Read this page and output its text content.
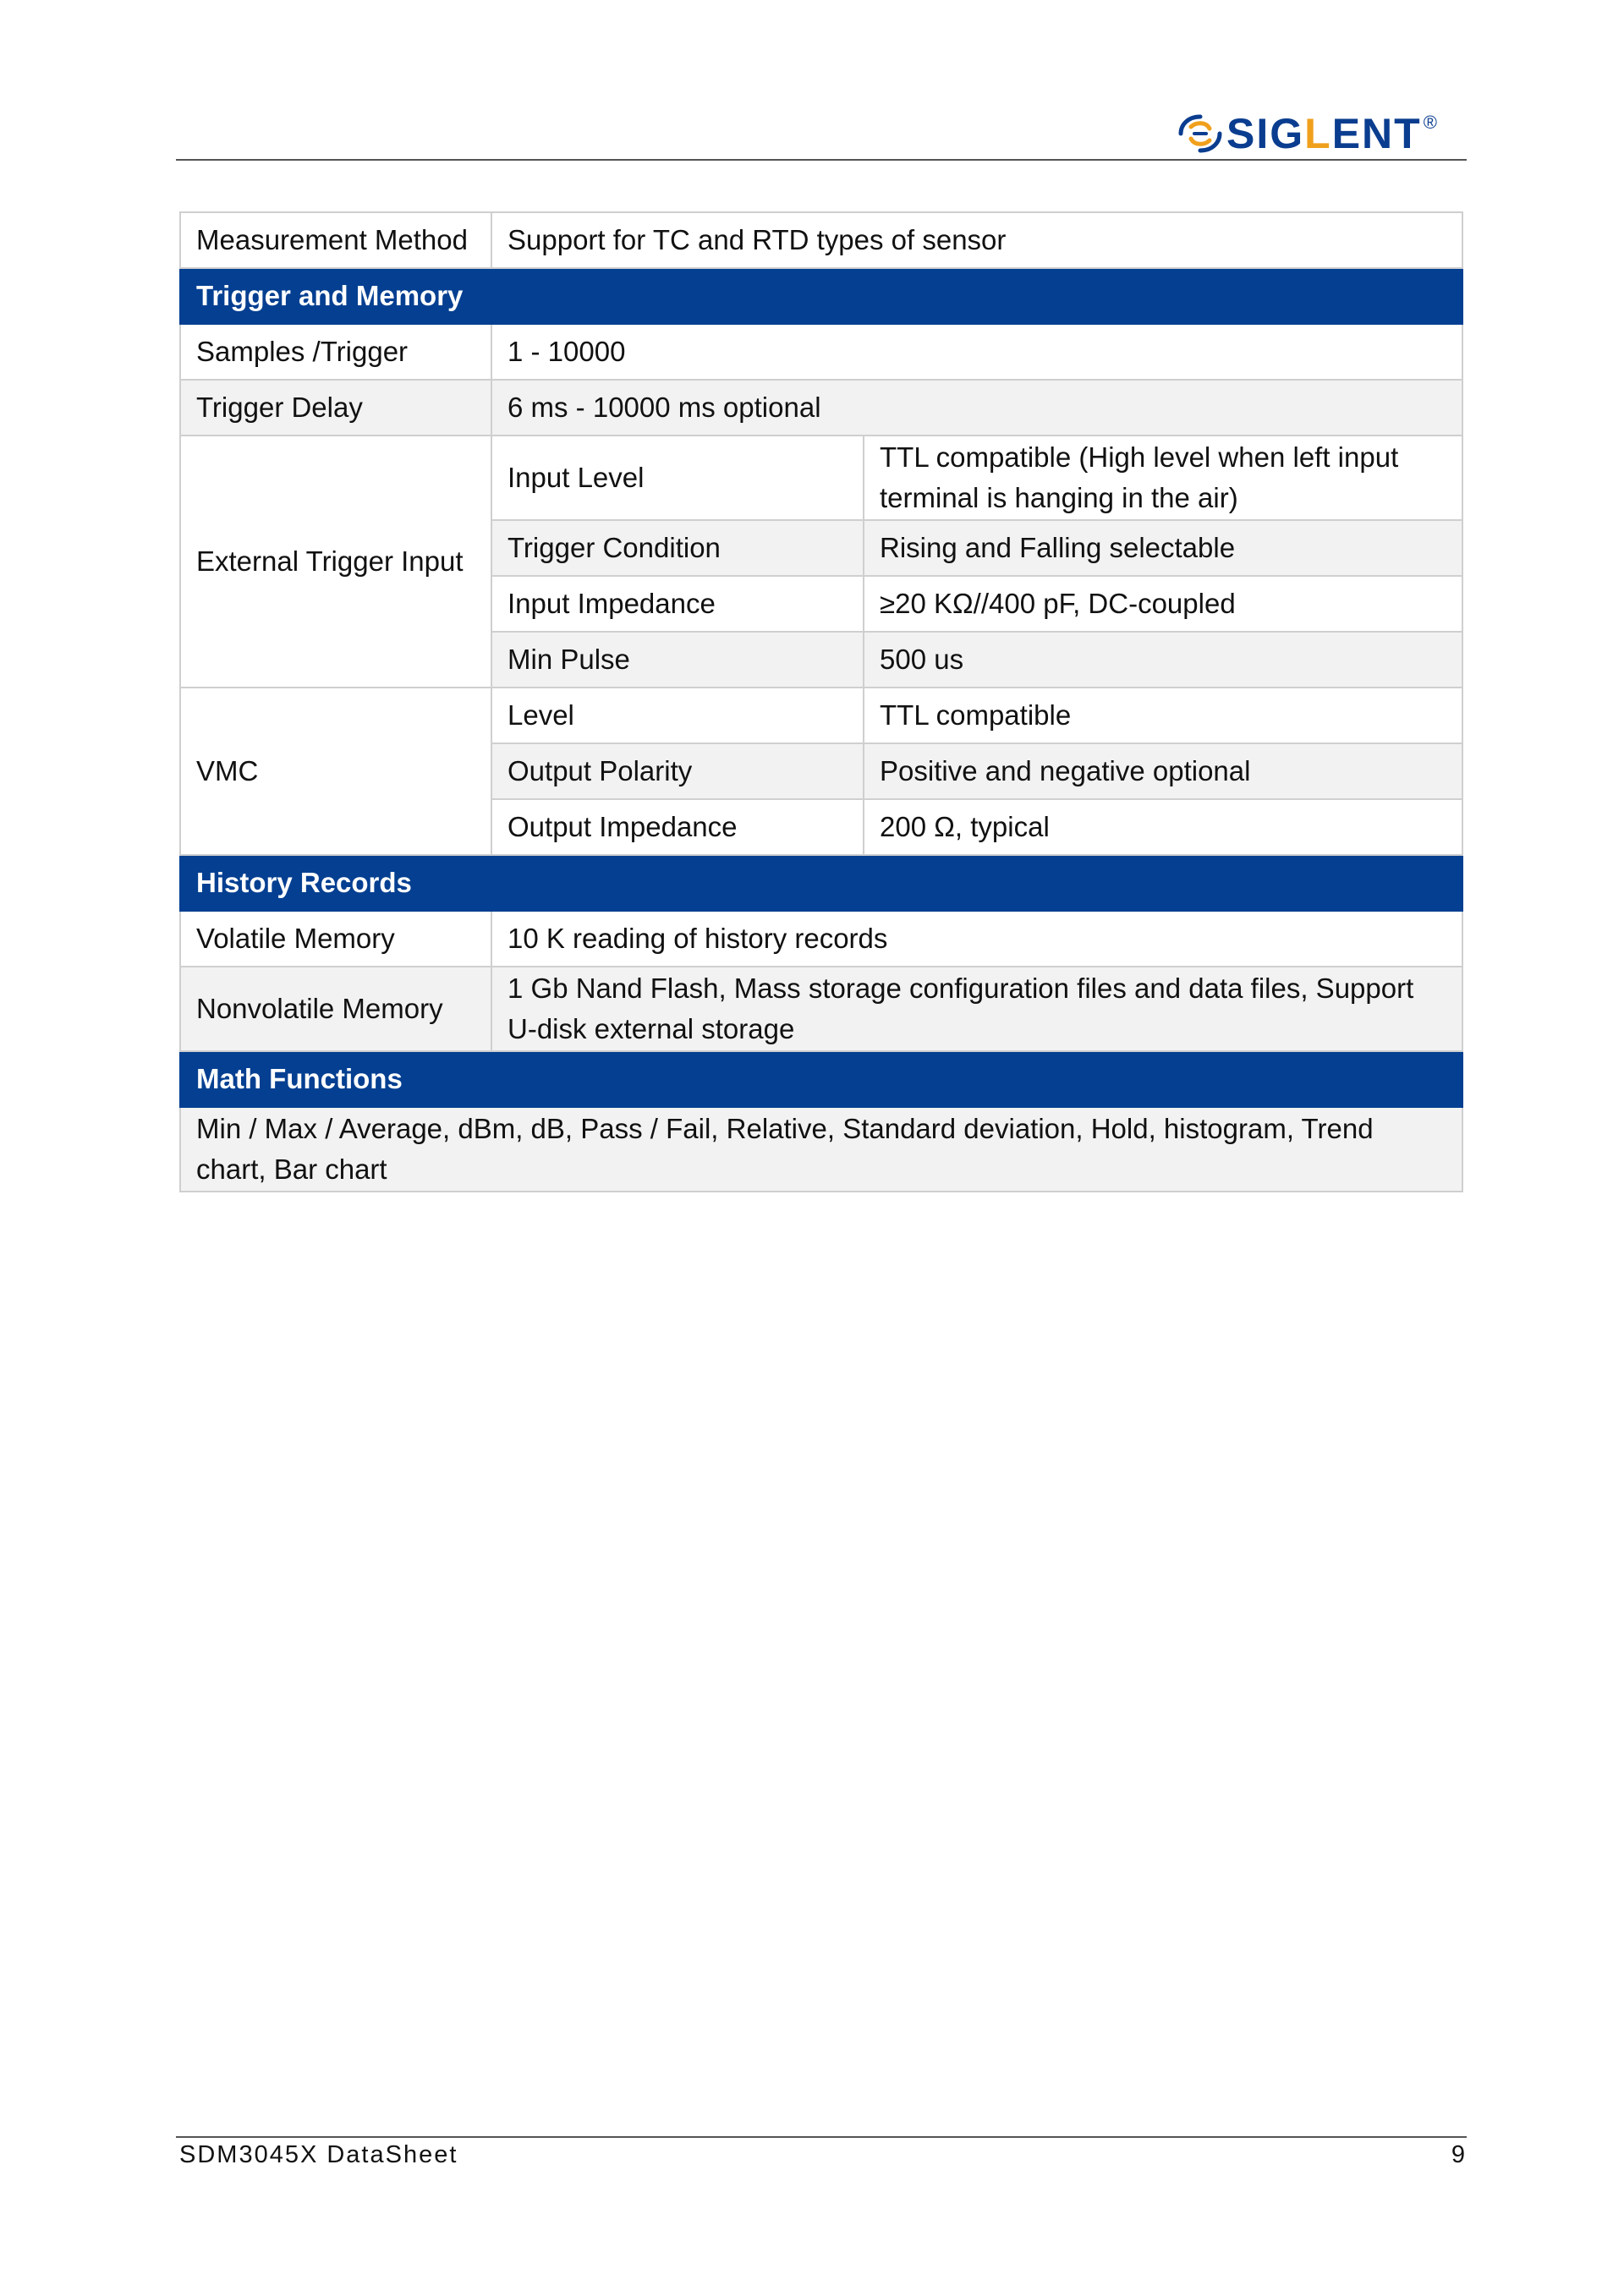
SIGLENT ®
Measurement Method	Support for TC and RTD types of sensor	
Trigger and Memory		
Samples /Trigger	1 - 10000	
Trigger Delay	6 ms - 10000 ms optional	
External Trigger Input	Input Level	TTL compatible (High level when left input terminal is hanging in the air)
	Trigger Condition	Rising and Falling selectable
	Input Impedance	≥20 KΩ//400 pF, DC-coupled
	Min Pulse	500 us
VMC	Level	TTL compatible
	Output Polarity	Positive and negative optional
	Output Impedance	200 Ω, typical
History Records		
Volatile Memory	10 K reading of history records	
Nonvolatile Memory	1 Gb Nand Flash, Mass storage configuration files and data files, Support U-disk external storage	
Math Functions		
Min / Max / Average, dBm, dB, Pass / Fail, Relative, Standard deviation, Hold, histogram, Trend chart, Bar chart		
SDM3045X DataSheet	9
